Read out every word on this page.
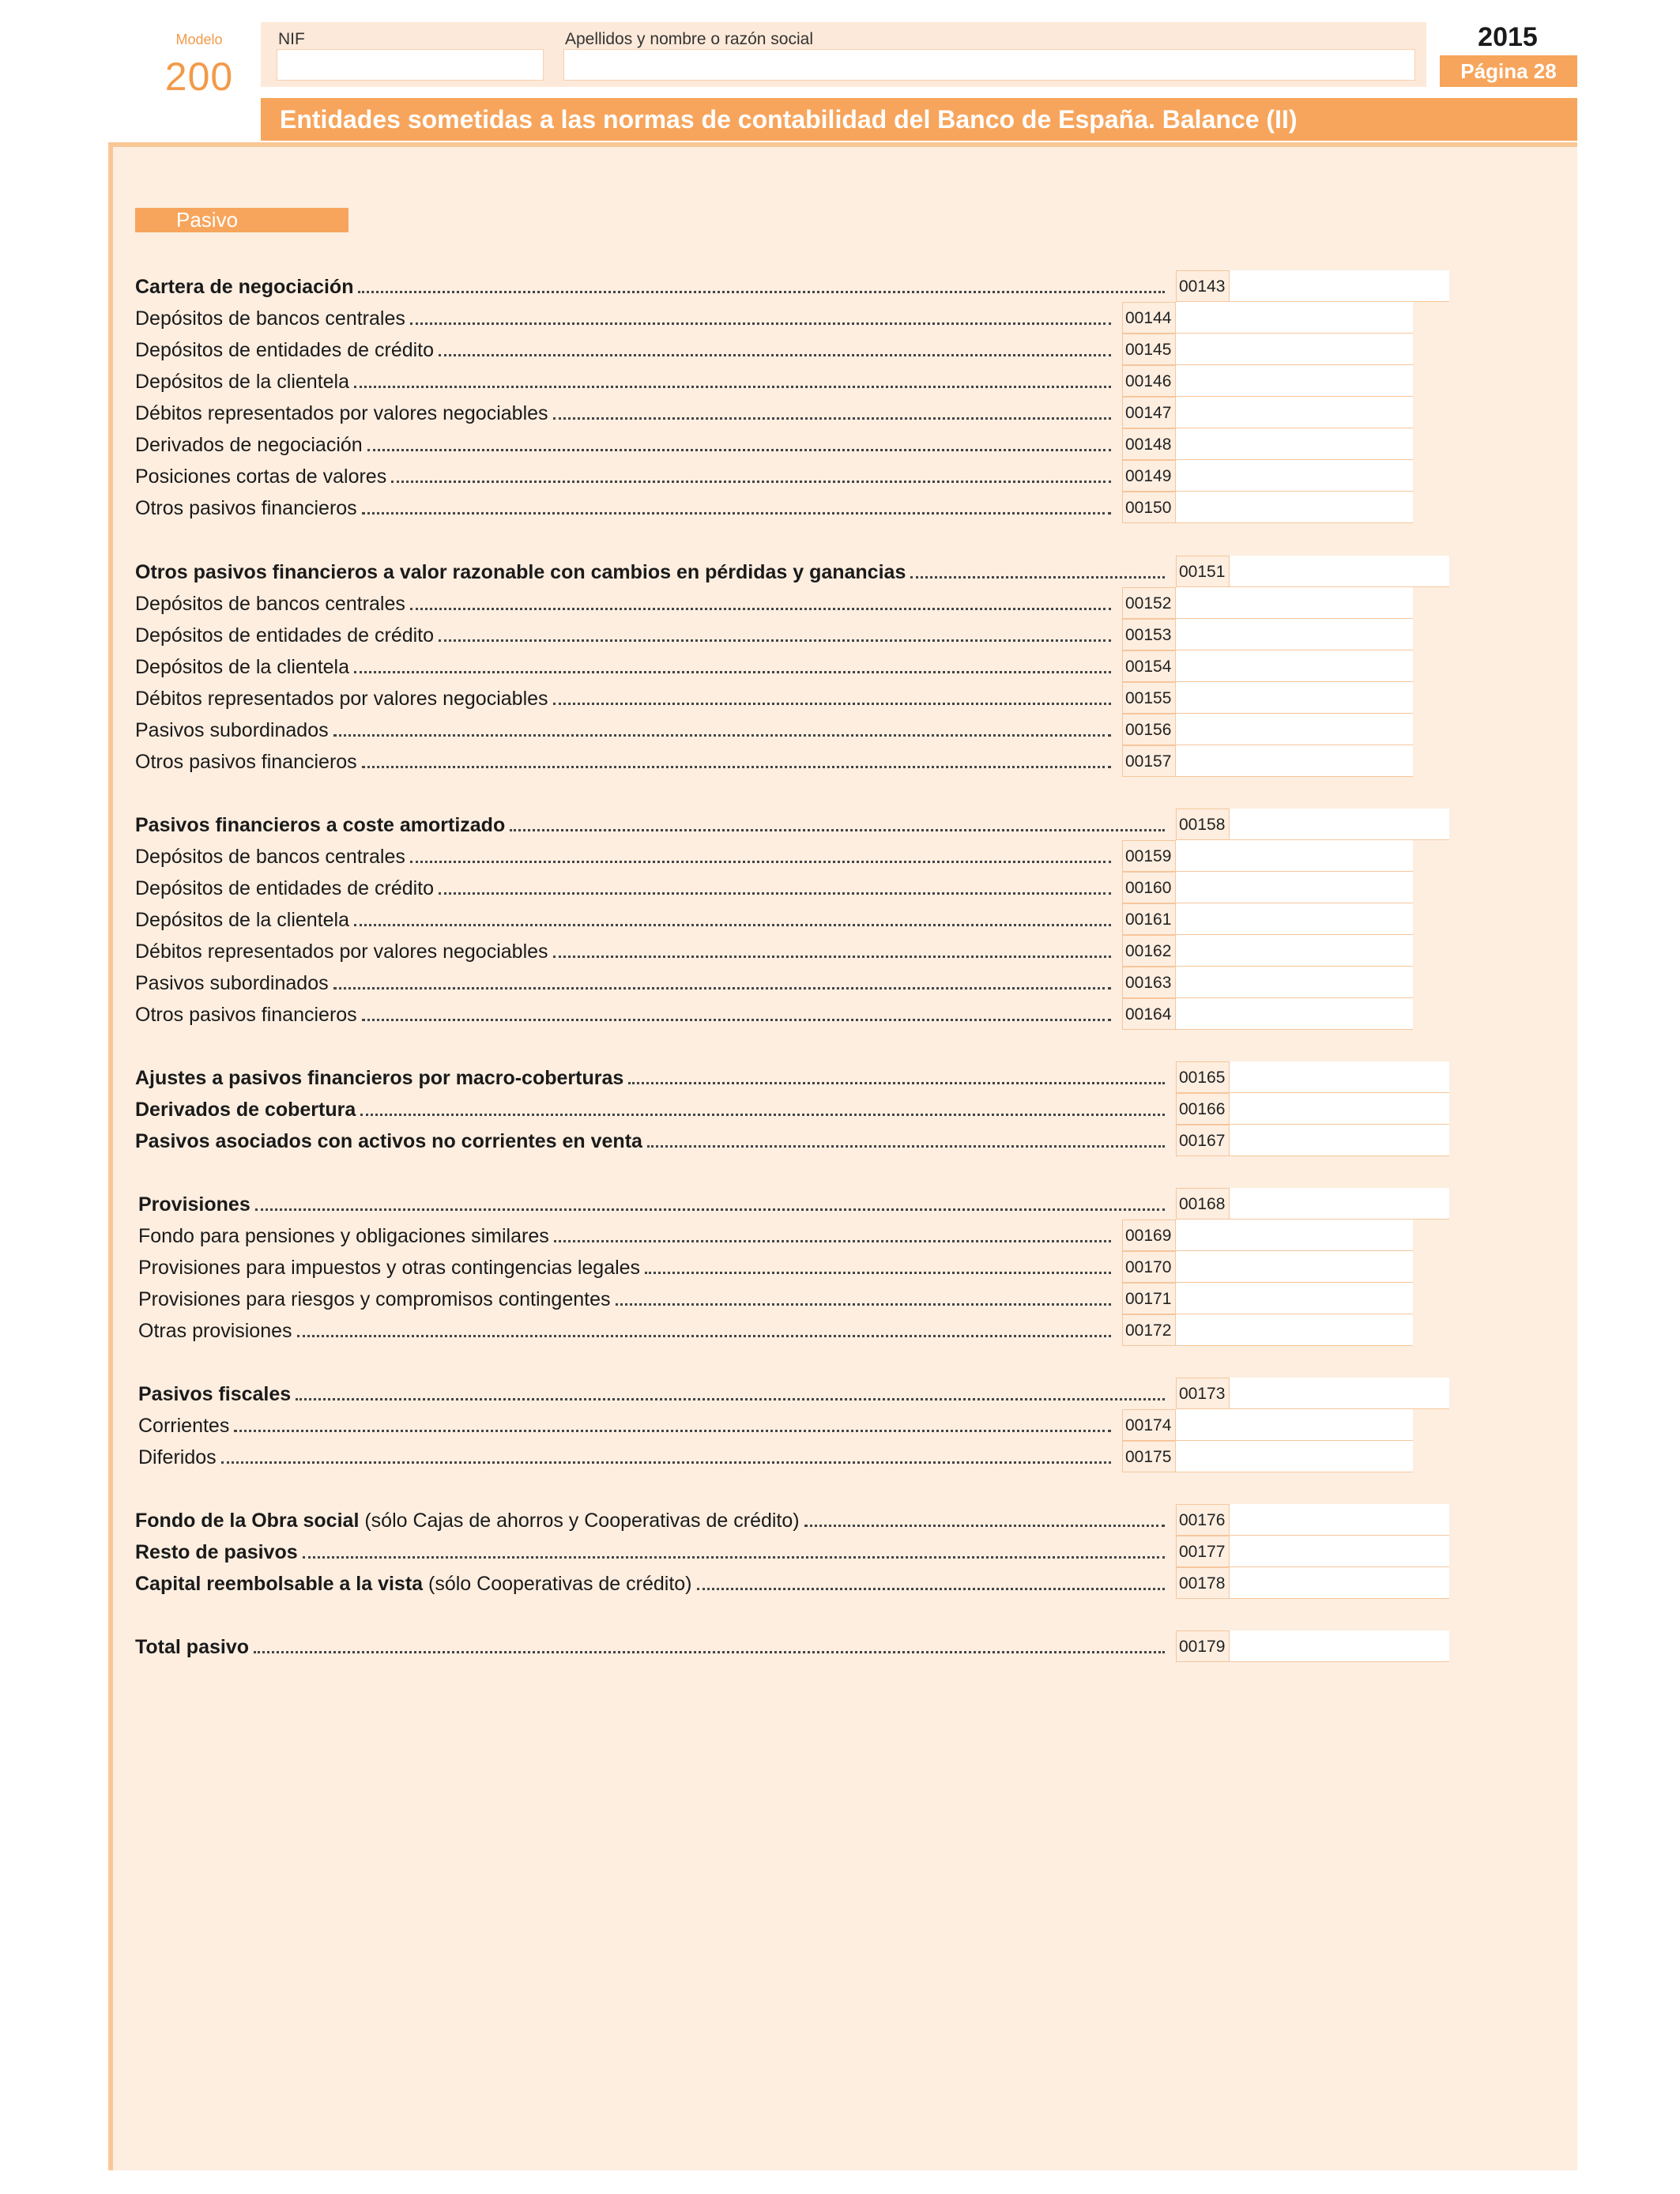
Modelo
200
NIF	Apellidos y nombre o razón social	2015
Página 28
Entidades sometidas a las normas de contabilidad del Banco de España. Balance (II)
Pasivo
Cartera de negociación	00143
Depósitos de bancos centrales	00144
Depósitos de entidades de crédito	00145
Depósitos de la clientela	00146
Débitos representados por valores negociables	00147
Derivados de negociación	00148
Posiciones cortas de valores	00149
Otros pasivos financieros	00150
Otros pasivos financieros a valor razonable con cambios en pérdidas y ganancias	00151
Depósitos de bancos centrales	00152
Depósitos de entidades de crédito	00153
Depósitos de la clientela	00154
Débitos representados por valores negociables	00155
Pasivos subordinados	00156
Otros pasivos financieros	00157
Pasivos financieros a coste amortizado	00158
Depósitos de bancos centrales	00159
Depósitos de entidades de crédito	00160
Depósitos de la clientela	00161
Débitos representados por valores negociables	00162
Pasivos subordinados	00163
Otros pasivos financieros	00164
Ajustes a pasivos financieros por macro-coberturas	00165
Derivados de cobertura	00166
Pasivos asociados con activos no corrientes en venta	00167
Provisiones	00168
Fondo para pensiones y obligaciones similares	00169
Provisiones para impuestos y otras contingencias legales	00170
Provisiones para riesgos y compromisos contingentes	00171
Otras provisiones	00172
Pasivos fiscales	00173
Corrientes	00174
Diferidos	00175
Fondo de la Obra social (sólo Cajas de ahorros y Cooperativas de crédito)	00176
Resto de pasivos	00177
Capital reembolsable a la vista (sólo Cooperativas de crédito)	00178
Total pasivo	00179
